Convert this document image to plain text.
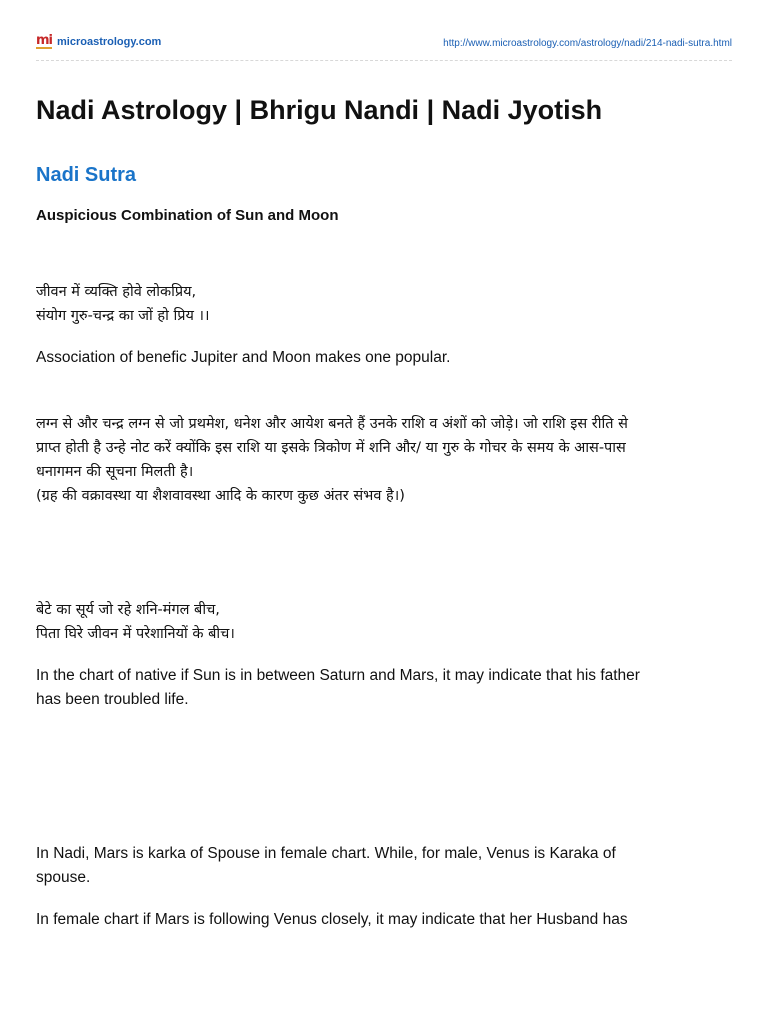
mi microastrology.com	http://www.microastrology.com/astrology/nadi/214-nadi-sutra.html
Nadi Astrology | Bhrigu Nandi | Nadi Jyotish
Nadi Sutra
Auspicious Combination of Sun and Moon
जीवन में व्यक्ति होवे लोकप्रिय,
संयोग गुरु-चन्द्र का जों हो प्रिय ।।
Association of benefic Jupiter and Moon makes one popular.
लग्न से और चन्द्र लग्न से जो प्रथमेश, धनेश और आयेश बनते हैं उनके राशि व अंशों को जोड़े। जो राशि इस रीति से
प्राप्त होती है उन्हे नोट करें क्योंकि इस राशि या इसके त्रिकोण में शनि और/ या गुरु के गोचर के समय के आस-पास
धनागमन की सूचना मिलती है।
(ग्रह की वक्रावस्था या शैशवावस्था आदि के कारण कुछ अंतर संभव है।)
बेटे का सूर्य जो रहे शनि-मंगल बीच,
पिता घिरे जीवन में परेशानियों के बीच।
In the chart of native if Sun is in between Saturn and Mars, it may indicate that his father
has been troubled life.
In Nadi, Mars is karka of Spouse in female chart. While, for male, Venus is Karaka of
spouse.
In female chart if Mars is following Venus closely, it may indicate that her Husband has
